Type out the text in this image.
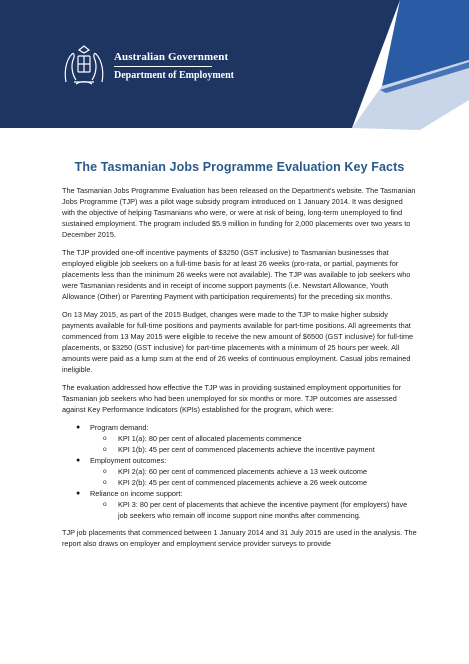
Australian Government
Department of Employment
The Tasmanian Jobs Programme Evaluation Key Facts

The Tasmanian Jobs Programme Evaluation has been released on the Department's website. The Tasmanian Jobs Programme (TJP) was a pilot wage subsidy program introduced on 1 January 2014. It was designed with the objective of helping Tasmanians who were, or were at risk of being, long-term unemployed to find sustained employment. The program included $5.9 million in funding for 2,000 placements over two years to December 2015.

The TJP provided one-off incentive payments of $3250 (GST inclusive) to Tasmanian businesses that employed eligible job seekers on a full-time basis for at least 26 weeks (pro-rata, or partial, payments for placements less than the minimum 26 weeks were not available). The TJP was available to job seekers who were Tasmanian residents and in receipt of income support payments (i.e. Newstart Allowance, Youth Allowance (Other) or Parenting Payment with participation requirements) for the preceding six months.

On 13 May 2015, as part of the 2015 Budget, changes were made to the TJP to make higher subsidy payments available for full-time positions and payments available for part-time positions. All agreements that commenced from 13 May 2015 were eligible to receive the new amount of $6500 (GST inclusive) for full-time placements, or $3250 (GST inclusive) for part-time placements with a minimum of 25 hours per week. All amounts were paid as a lump sum at the end of 26 weeks of continuous employment. Casual jobs remained ineligible.

The evaluation addressed how effective the TJP was in providing sustained employment opportunities for Tasmanian job seekers who had been unemployed for six months or more. TJP outcomes are assessed against Key Performance Indicators (KPIs) established for the program, which were:

● Program demand:
o KPI 1(a): 80 per cent of allocated placements commence
o KPI 1(b): 45 per cent of commenced placements achieve the incentive payment
● Employment outcomes:
o KPI 2(a): 60 per cent of commenced placements achieve a 13 week outcome
o KPI 2(b): 45 per cent of commenced placements achieve a 26 week outcome
● Reliance on income support:
o KPI 3: 80 per cent of placements that achieve the incentive payment (for employers) have job seekers who remain off income support nine months after commencing.

TJP job placements that commenced between 1 January 2014 and 31 July 2015 are used in the analysis. The report also draws on employer and employment service provider surveys to provide
